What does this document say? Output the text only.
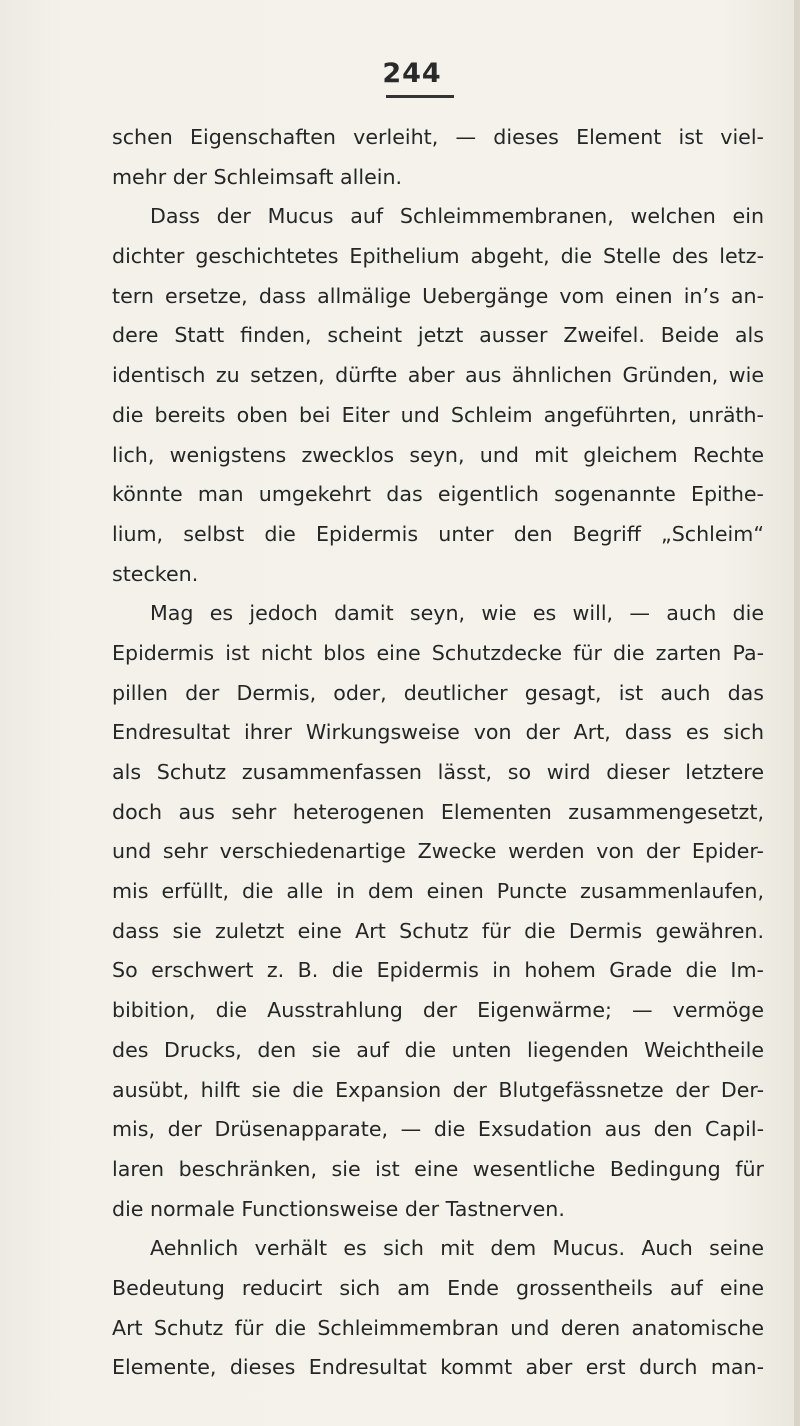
244
schen Eigenschaften verleiht, — dieses Element ist viel-
mehr der Schleimsaft allein.
Dass der Mucus auf Schleimmembranen, welchen ein
dichter geschichtetes Epithelium abgeht, die Stelle des letz-
tern ersetze, dass allmälige Uebergänge vom einen in’s an-
dere Statt finden, scheint jetzt ausser Zweifel. Beide als
identisch zu setzen, dürfte aber aus ähnlichen Gründen, wie
die bereits oben bei Eiter und Schleim angeführten, unräth-
lich, wenigstens zwecklos seyn, und mit gleichem Rechte
könnte man umgekehrt das eigentlich sogenannte Epithe-
lium, selbst die Epidermis unter den Begriff „Schleim“
stecken.
Mag es jedoch damit seyn, wie es will, — auch die
Epidermis ist nicht blos eine Schutzdecke für die zarten Pa-
pillen der Dermis, oder, deutlicher gesagt, ist auch das
Endresultat ihrer Wirkungsweise von der Art, dass es sich
als Schutz zusammenfassen lässt, so wird dieser letztere
doch aus sehr heterogenen Elementen zusammengesetzt,
und sehr verschiedenartige Zwecke werden von der Epider-
mis erfüllt, die alle in dem einen Puncte zusammenlaufen,
dass sie zuletzt eine Art Schutz für die Dermis gewähren.
So erschwert z. B. die Epidermis in hohem Grade die Im-
bibition, die Ausstrahlung der Eigenwärme; — vermöge
des Drucks, den sie auf die unten liegenden Weichtheile
ausübt, hilft sie die Expansion der Blutgefässnetze der Der-
mis, der Drüsenapparate, — die Exsudation aus den Capil-
laren beschränken, sie ist eine wesentliche Bedingung für
die normale Functionsweise der Tastnerven.
Aehnlich verhält es sich mit dem Mucus. Auch seine
Bedeutung reducirt sich am Ende grossentheils auf eine
Art Schutz für die Schleimmembran und deren anatomische
Elemente, dieses Endresultat kommt aber erst durch man-
